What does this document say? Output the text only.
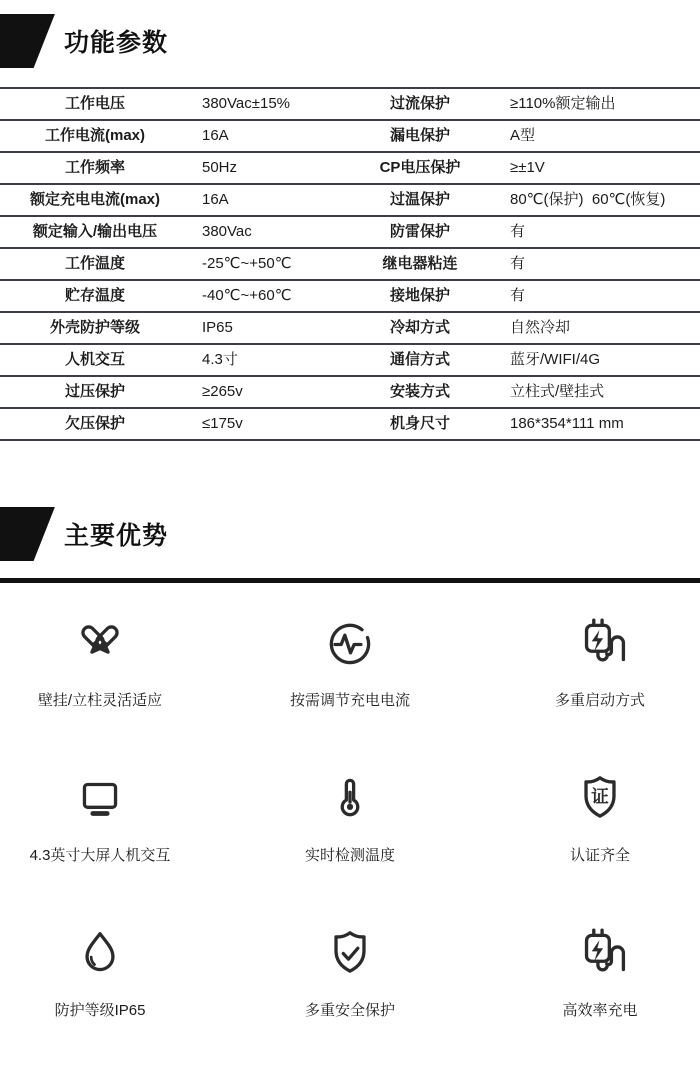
功能参数
工作电压	380Vac±15%	过流保护	≥110%额定输出
工作电流(max)	16A	漏电保护	A型
工作频率	50Hz	CP电压保护	≥±1V
额定充电电流(max)	16A	过温保护	80℃(保护)  60℃(恢复)
额定输入/输出电压	380Vac	防雷保护	有
工作温度	-25℃~+50℃	继电器粘连	有
贮存温度	-40℃~+60℃	接地保护	有
外壳防护等级	IP65	冷却方式	自然冷却
人机交互	4.3寸	通信方式	蓝牙/WIFI/4G
过压保护	≥265v	安装方式	立柱式/壁挂式
欠压保护	≤175v	机身尺寸	186*354*111 mm
主要优势
壁挂/立柱灵活适应	按需调节充电电流	多重启动方式
4.3英寸大屏人机交互	实时检测温度
证
认证齐全
防护等级IP65	多重安全保护	高效率充电
